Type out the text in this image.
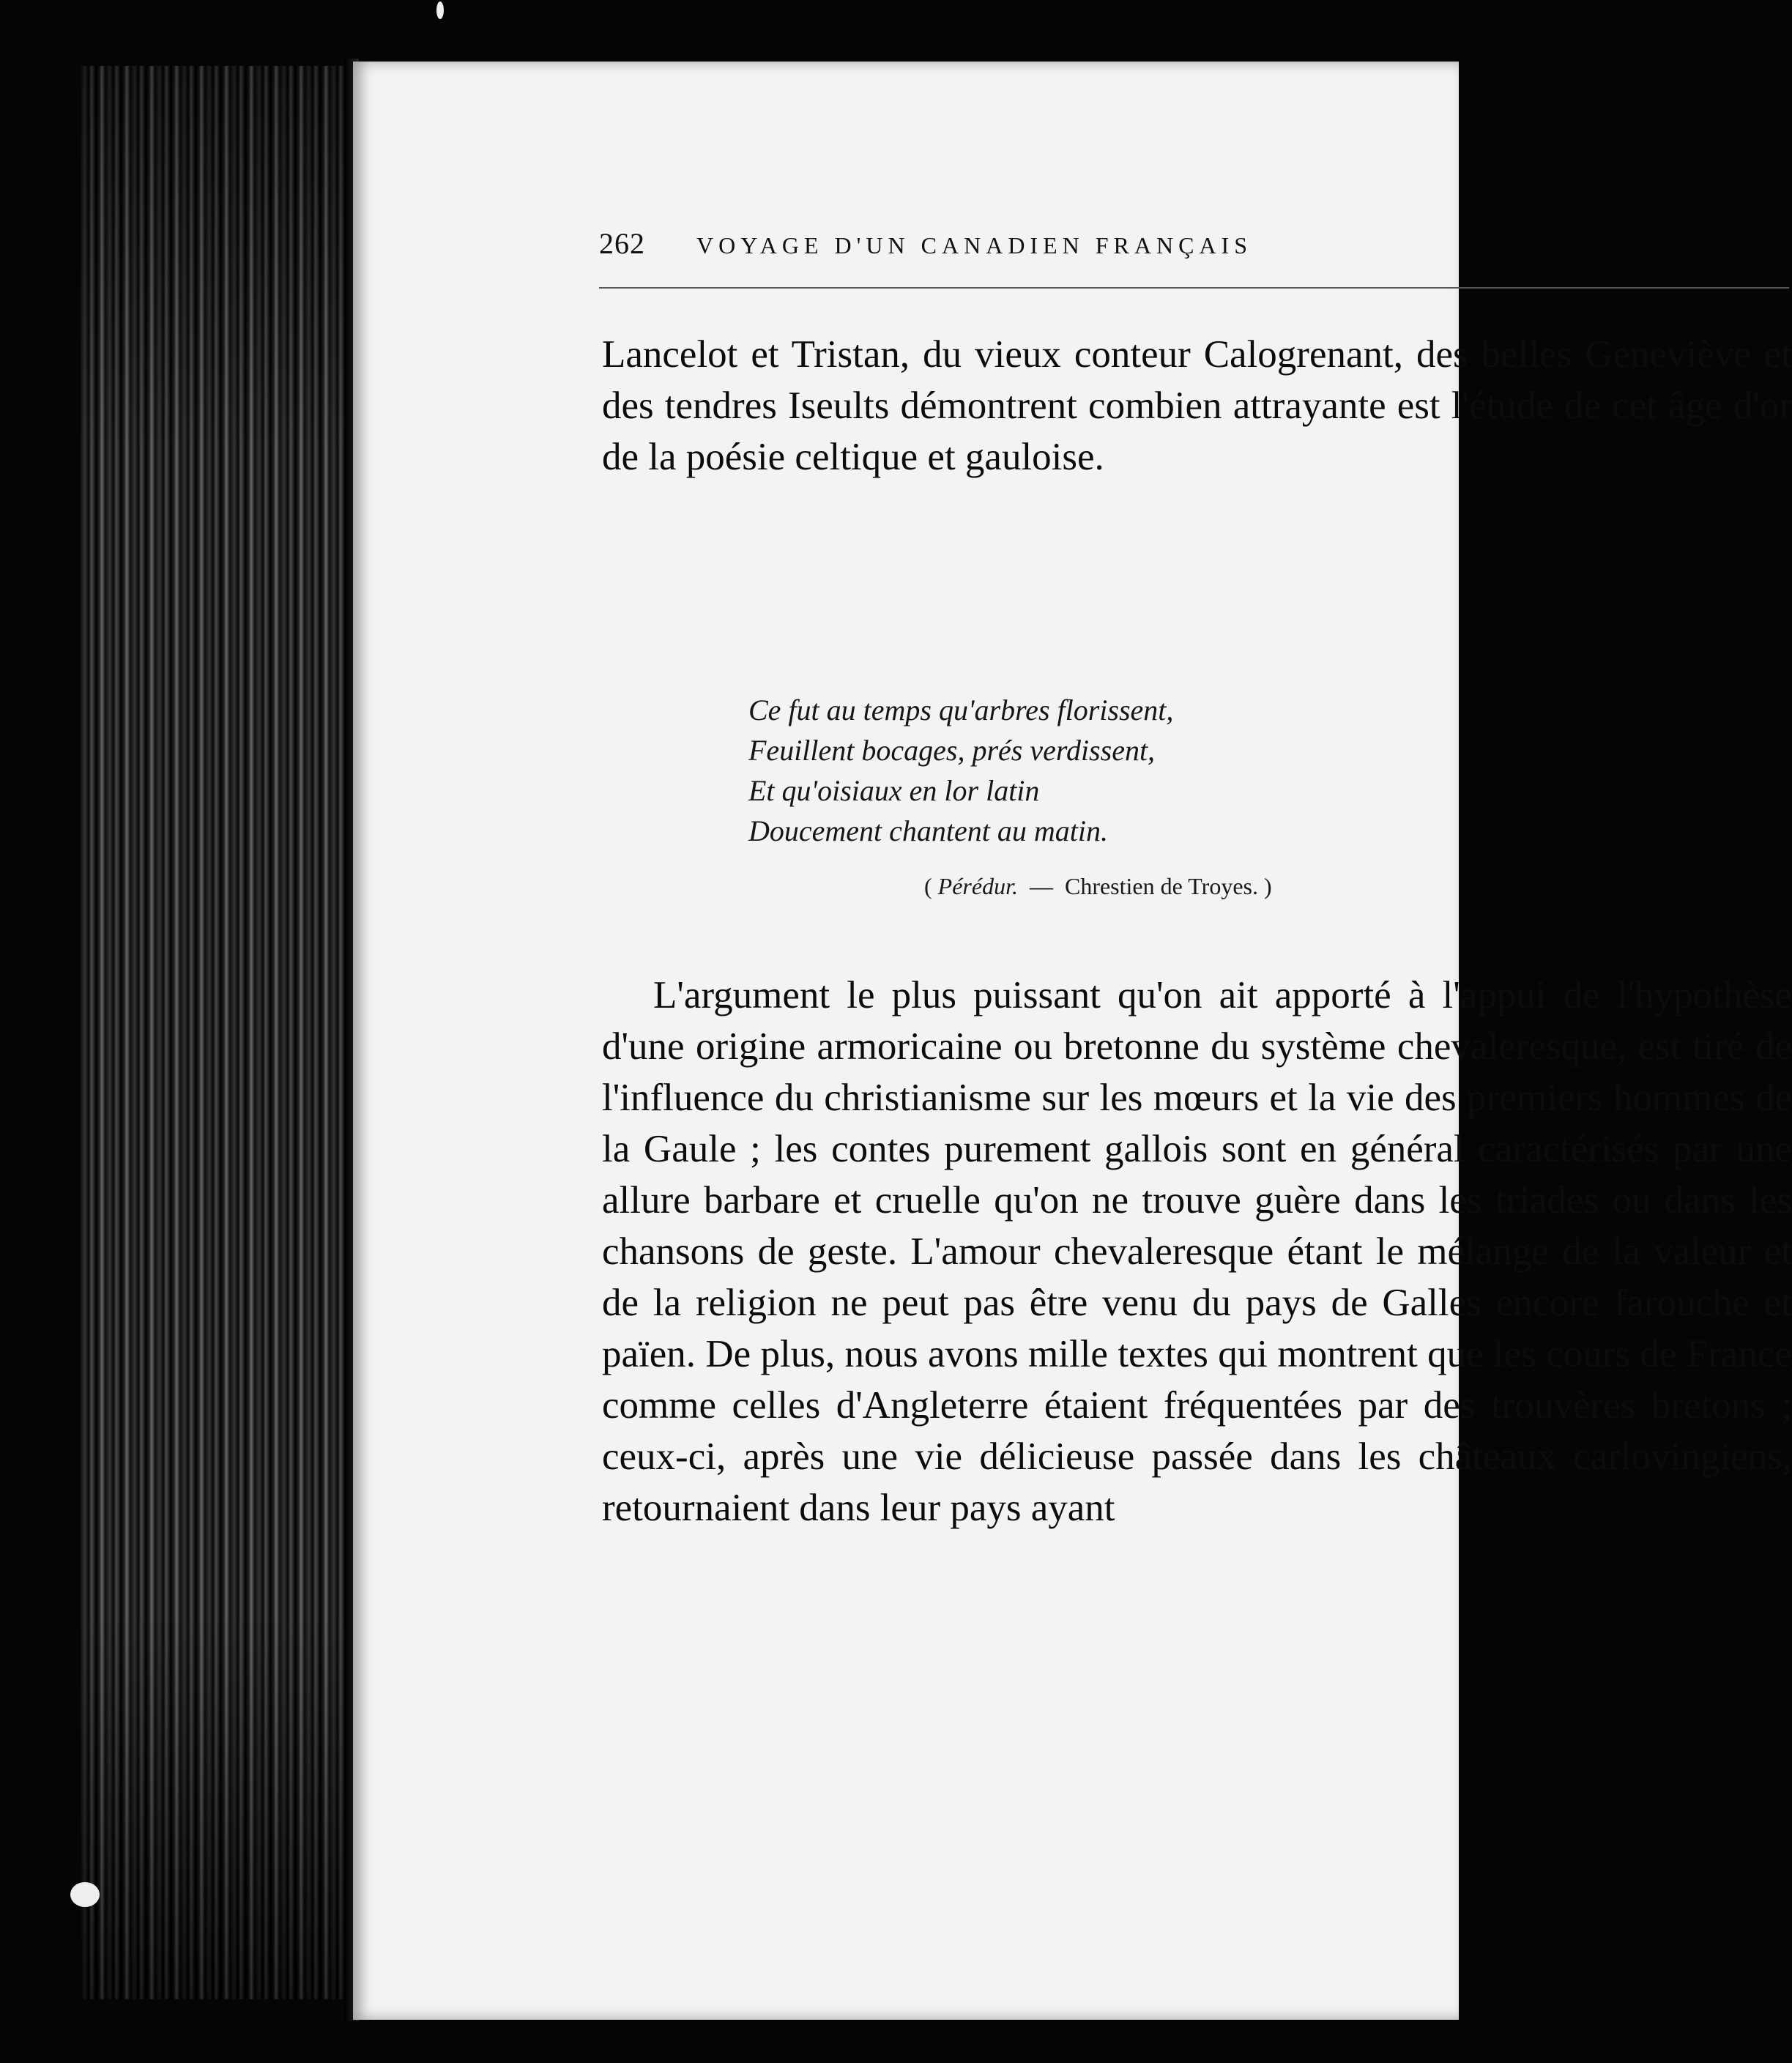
262 VOYAGE D'UN CANADIEN FRANÇAIS
Lancelot et Tristan, du vieux conteur Calogrenant, des belles Geneviève et des tendres Iseults démontrent combien attrayante est l'étude de cet âge d'or de la poésie celtique et gauloise.
Ce fut au temps qu'arbres florissent,
Feuillent bocages, prés verdissent,
Et qu'oisiaux en lor latin
Doucement chantent au matin.
( Pérédur. — Chrestien de Troyes. )
L'argument le plus puissant qu'on ait apporté à l'appui de l'hypothèse d'une origine armoricaine ou bretonne du système chevaleresque, est tiré de l'influence du christianisme sur les mœurs et la vie des premiers hommes de la Gaule ; les contes purement gallois sont en général caractérisés par une allure barbare et cruelle qu'on ne trouve guère dans les triades ou dans les chansons de geste. L'amour chevaleresque étant le mélange de la valeur et de la religion ne peut pas être venu du pays de Galles encore farouche et païen. De plus, nous avons mille textes qui montrent que les cours de France comme celles d'Angleterre étaient fréquentées par des trouvères bretons ; ceux-ci, après une vie délicieuse passée dans les châteaux carlovingiens, retournaient dans leur pays ayant
